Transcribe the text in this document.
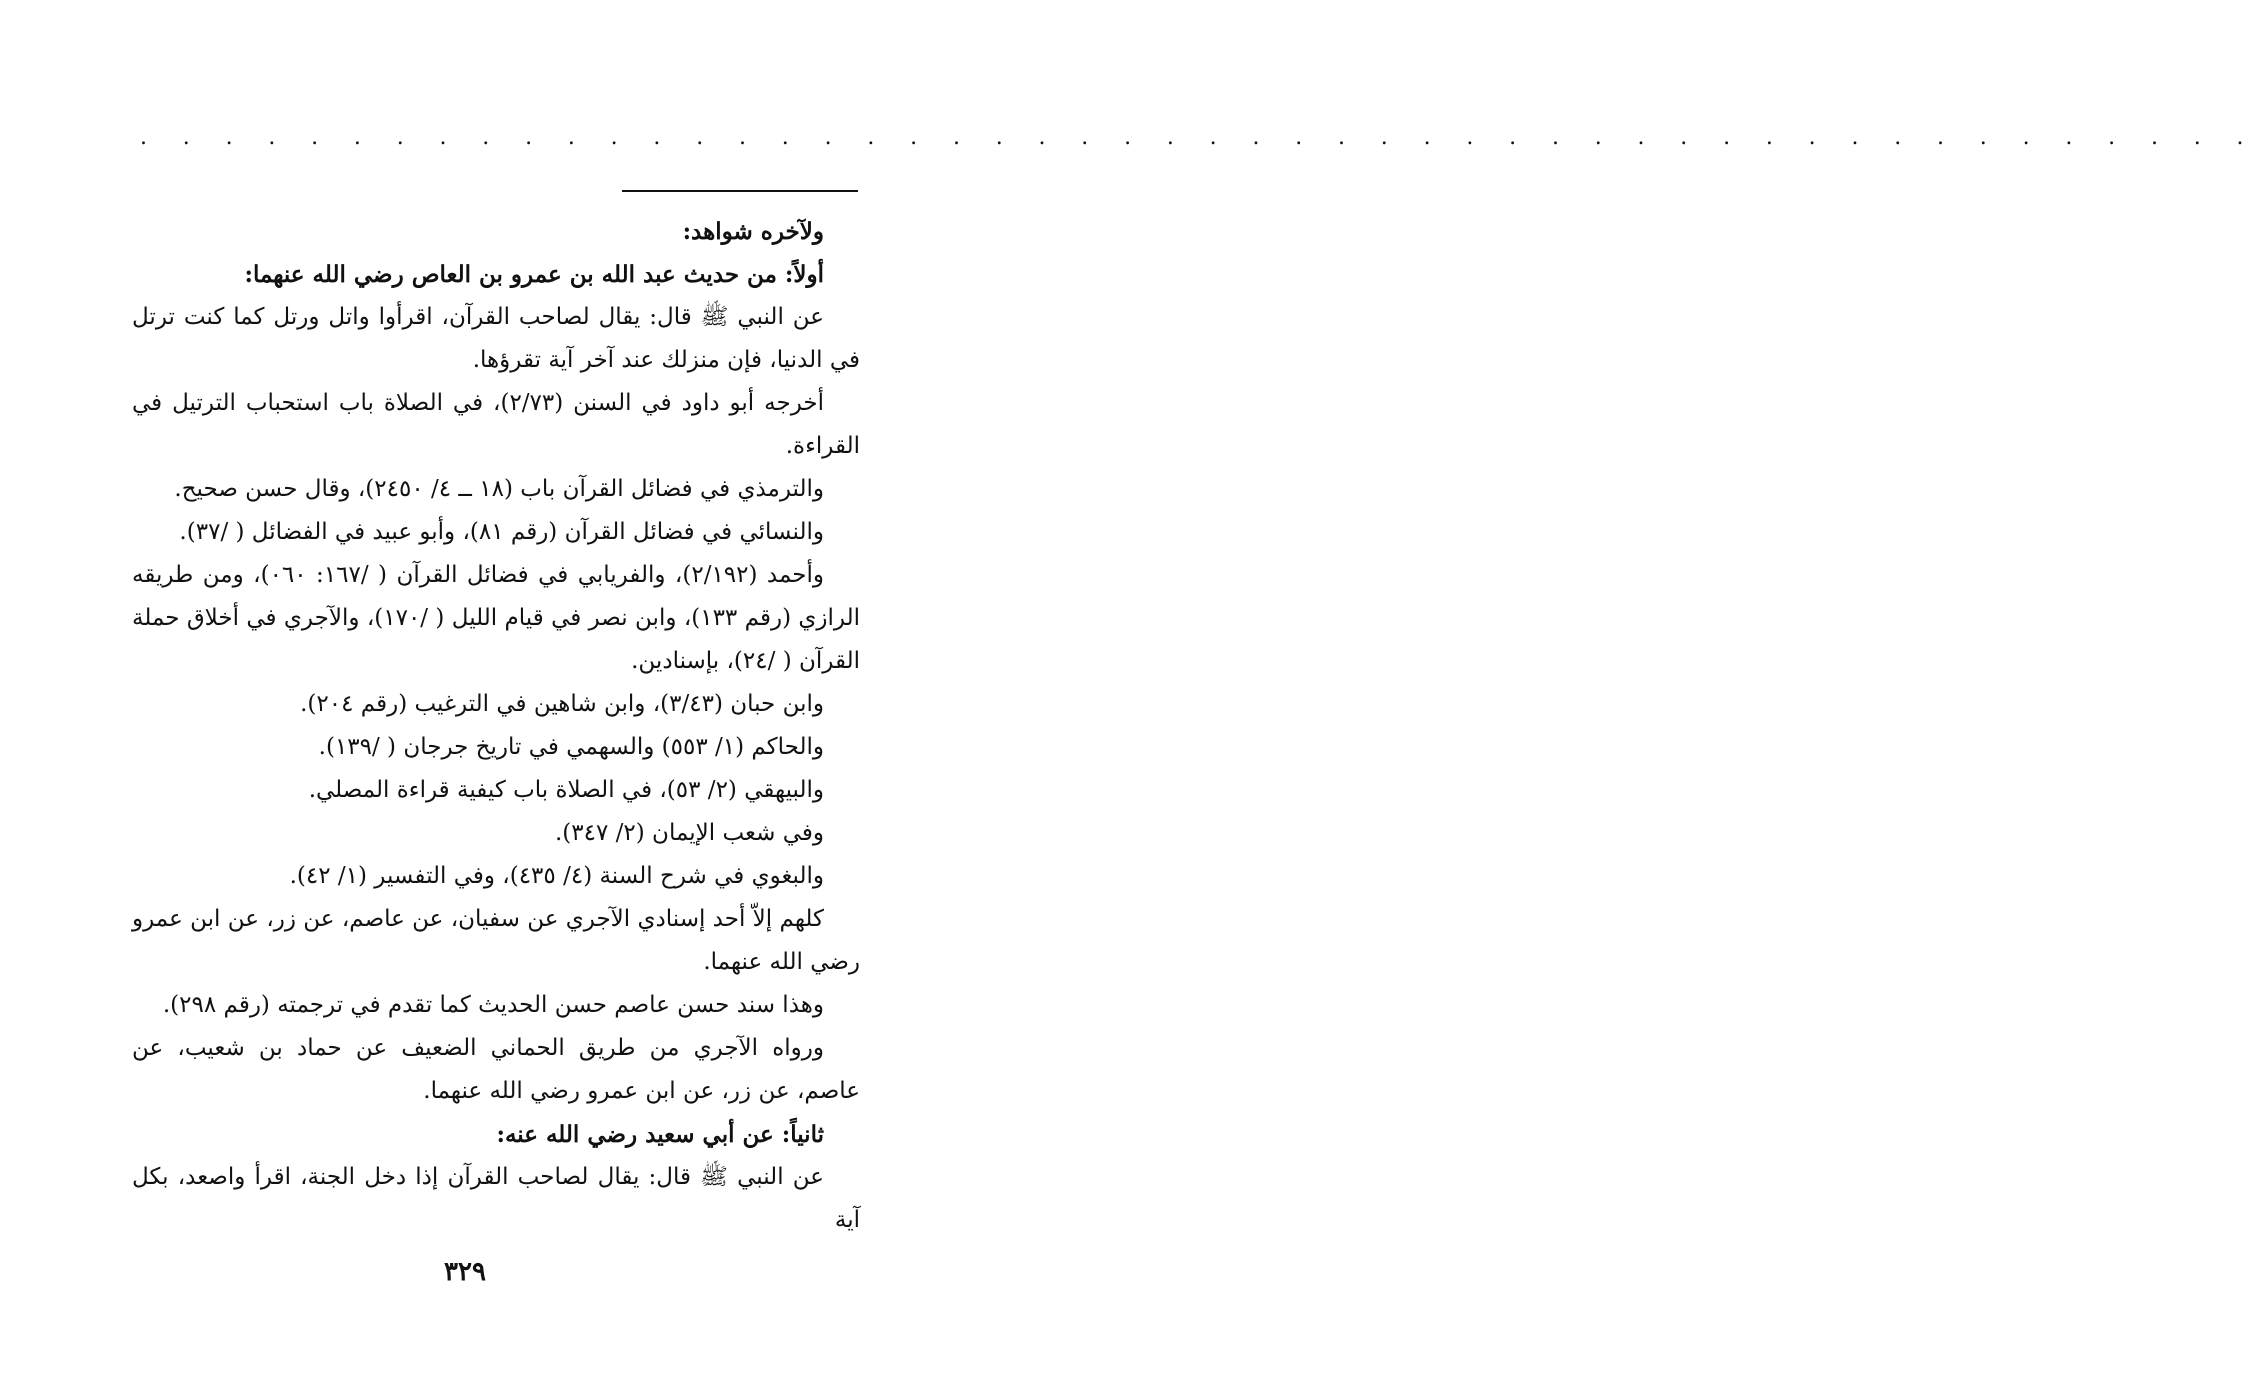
. . . . . . . . . . . . . . . . . . . . . . . . . . . . . . . . . . . . . . . . . . . . . . . . . .

ولآخره شواهد:

أولاً: من حديث عبد الله بن عمرو بن العاص رضي الله عنهما:

عن النبي ﷺ قال: يقال لصاحب القرآن، اقرأوا واتل ورتل كما كنت ترتل في الدنيا، فإن منزلك عند آخر آية تقرؤها.

أخرجه أبو داود في السنن (٢/٧٣)، في الصلاة باب استحباب الترتيل في القراءة.

والترمذي في فضائل القرآن باب (١٨ ــ ٤/ ٢٤٥٠)، وقال حسن صحيح.

والنسائي في فضائل القرآن (رقم ٨١)، وأبو عبيد في الفضائل ( /٣٧).

وأحمد (٢/١٩٢)، والفريابي في فضائل القرآن ( /١٦٧: ٠٦٠)، ومن طريقه الرازي (رقم ١٣٣)، وابن نصر في قيام الليل ( /١٧٠)، والآجري في أخلاق حملة القرآن ( /٢٤)، بإسنادين.

وابن حبان (٣/٤٣)، وابن شاهين في الترغيب (رقم ٢٠٤).

والحاكم (١/ ٥٥٣) والسهمي في تاريخ جرجان ( /١٣٩).

والبيهقي (٢/ ٥٣)، في الصلاة باب كيفية قراءة المصلي.

وفي شعب الإيمان (٢/ ٣٤٧).

والبغوي في شرح السنة (٤/ ٤٣٥)، وفي التفسير (١/ ٤٢).

كلهم إلاّ أحد إسنادي الآجري عن سفيان، عن عاصم، عن زر، عن ابن عمرو رضي الله عنهما.

وهذا سند حسن عاصم حسن الحديث كما تقدم في ترجمته (رقم ٢٩٨).

ورواه الآجري من طريق الحماني الضعيف عن حماد بن شعيب، عن عاصم، عن زر، عن ابن عمرو رضي الله عنهما.

ثانياً: عن أبي سعيد رضي الله عنه:

عن النبي ﷺ قال: يقال لصاحب القرآن إذا دخل الجنة، اقرأ واصعد، بكل آية

٣٢٩
